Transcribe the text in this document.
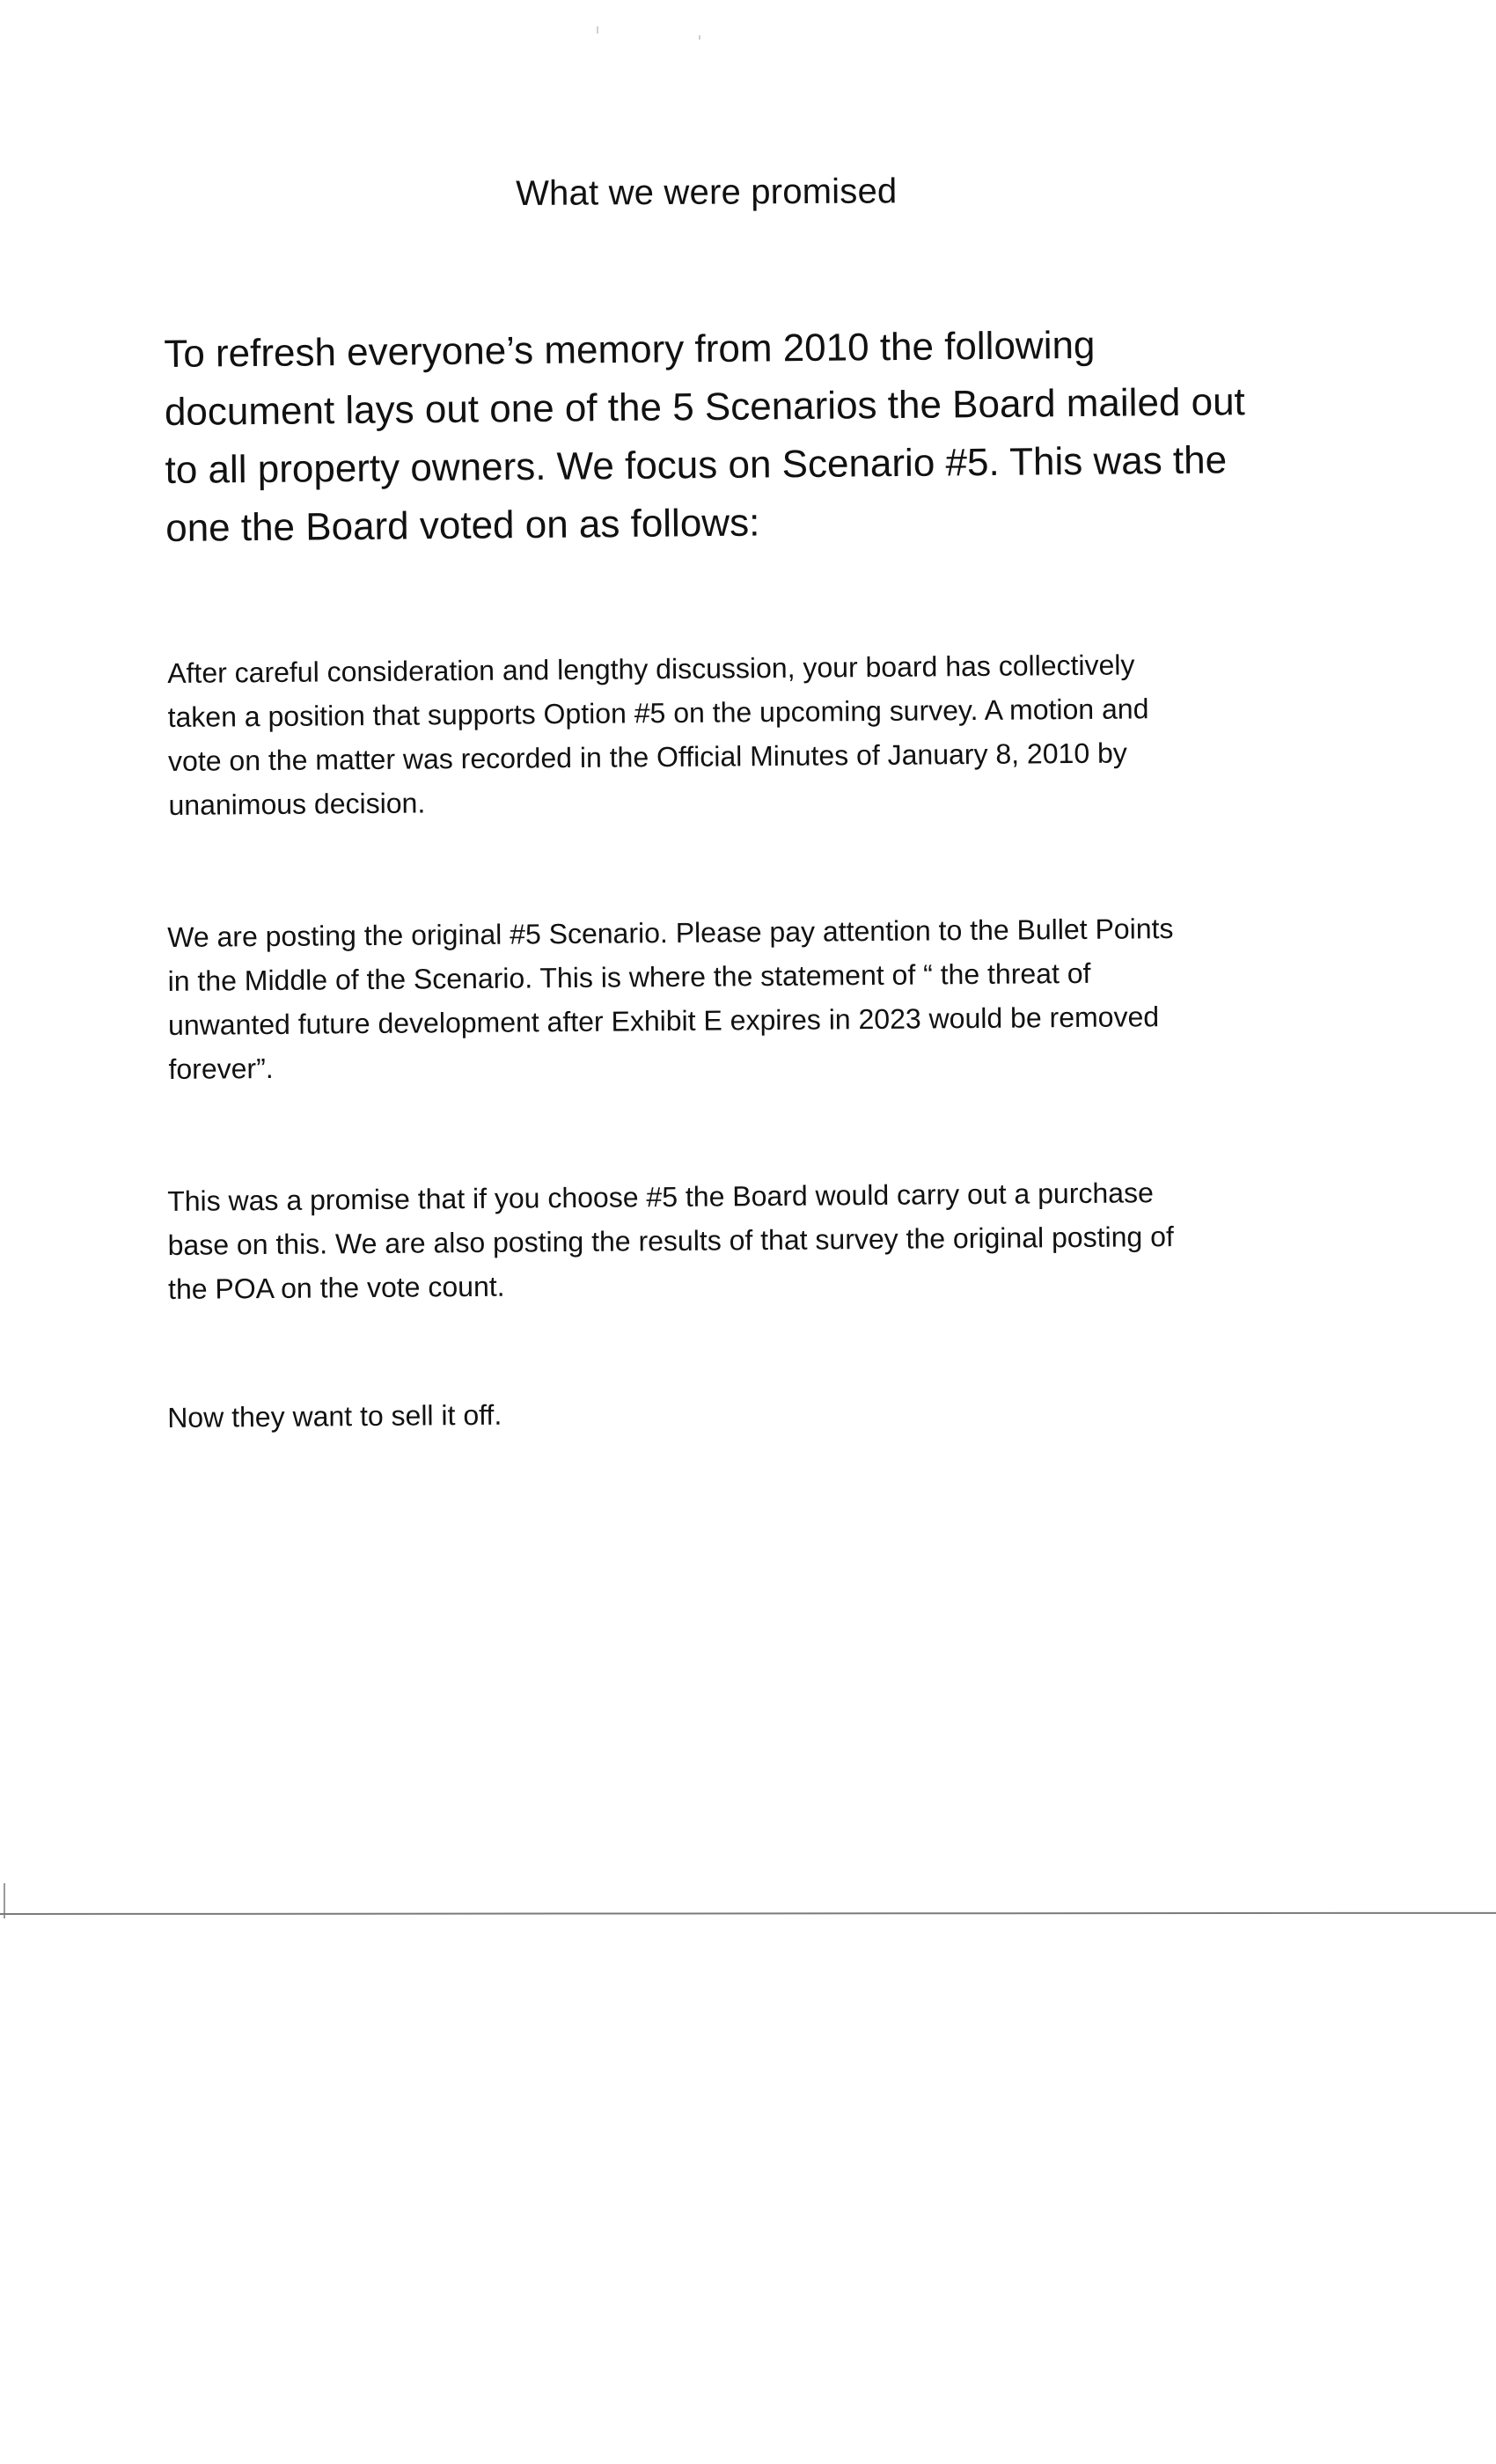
What we were promised
To refresh everyone’s memory from 2010 the following
document lays out one of the 5 Scenarios the Board mailed out
to all property owners. We focus on Scenario #5. This was the
one the Board voted on as follows:
After careful consideration and lengthy discussion, your board has collectively
taken a position that supports Option #5 on the upcoming survey. A motion and
vote on the matter was recorded in the Official Minutes of January 8, 2010 by
unanimous decision.
We are posting the original #5 Scenario. Please pay attention to the Bullet Points
in the Middle of the Scenario. This is where the statement of “ the threat of
unwanted future development after Exhibit E expires in 2023 would be removed
forever”.
This was a promise that if you choose #5 the Board would carry out a purchase
base on this. We are also posting the results of that survey the original posting of
the POA on the vote count.
Now they want to sell it off.
